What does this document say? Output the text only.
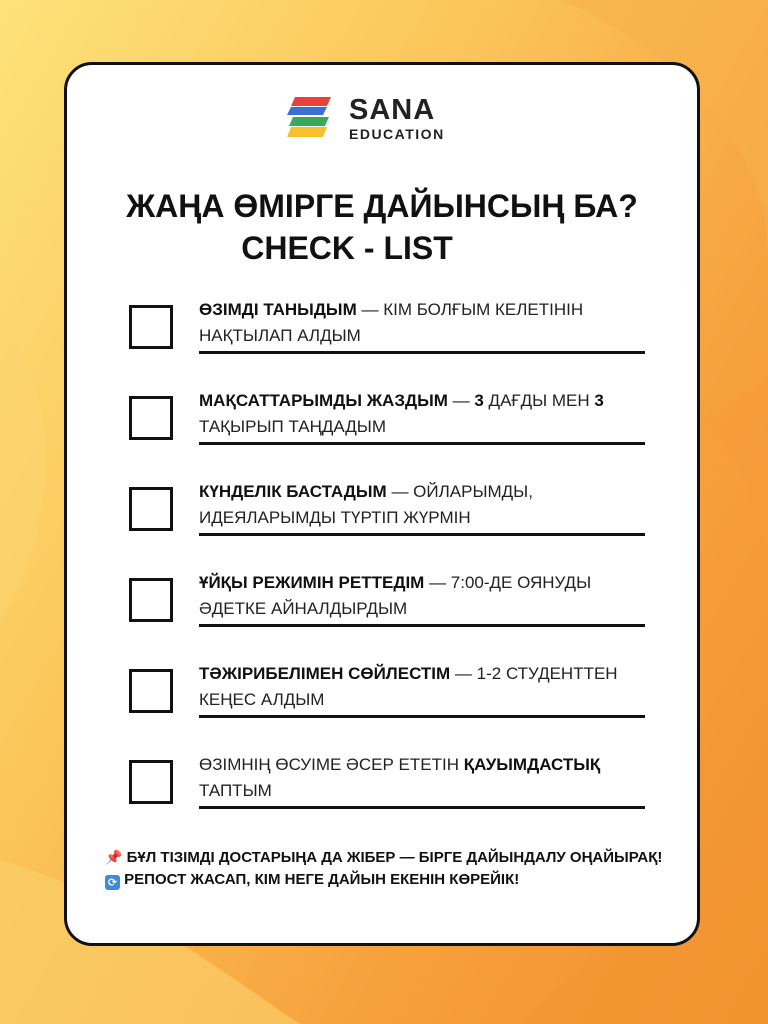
SANA
EDUCATION
ЖАҢА ӨМІРГЕ ДАЙЫНСЫҢ БА?
CHECK - LIST
ӨЗІМДІ ТАНЫДЫМ — КІМ БОЛҒЫМ КЕЛЕТІНІН НАҚТЫЛАП АЛДЫМ
МАҚСАТТАРЫМДЫ ЖАЗДЫМ — 3 ДАҒДЫ МЕН 3 ТАҚЫРЫП ТАҢДАДЫМ
КҮНДЕЛІК БАСТАДЫМ — ОЙЛАРЫМДЫ, ИДЕЯЛАРЫМДЫ ТҮРТІП ЖҮРМІН
ҰЙҚЫ РЕЖИМІН РЕТТЕДІМ — 7:00-ДЕ ОЯНУДЫ ӘДЕТКЕ АЙНАЛДЫРДЫМ
ТӘЖІРИБЕЛІМЕН СӨЙЛЕСТІМ — 1-2 СТУДЕНТТЕН КЕҢЕС АЛДЫМ
ӨЗІМНІҢ ӨСУІМЕ ӘСЕР ЕТЕТІН ҚАУЫМДАСТЫҚ ТАПТЫМ
📌 БҰЛ ТІЗІМДІ ДОСТАРЫҢА ДА ЖІБЕР — БІРГЕ ДАЙЫНДАЛУ ОҢАЙЫРАҚ!
⟳ РЕПОСТ ЖАСАП, КІМ НЕГЕ ДАЙЫН ЕКЕНІН КӨРЕЙІК!
